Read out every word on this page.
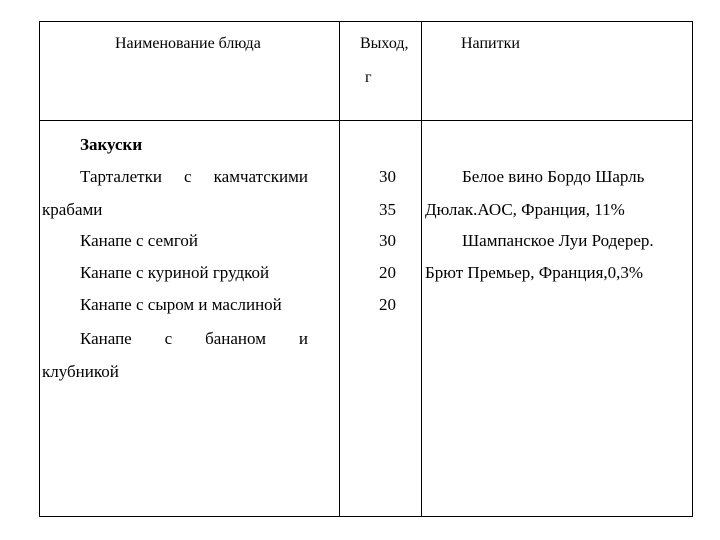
Наименование блюда	Выход,
г
Напитки
Закуски
Тарталетки с камчатскими
крабами
Канапе с семгой
Канапе с куриной грудкой
Канапе с сыром и маслиной
Канапе с бананом и
клубникой
30
35
30
20
20
Белое вино Бордо Шарль
Дюлак.АОС, Франция, 11%
Шампанское Луи Родерер.
Брют Премьер, Франция,0,3%
